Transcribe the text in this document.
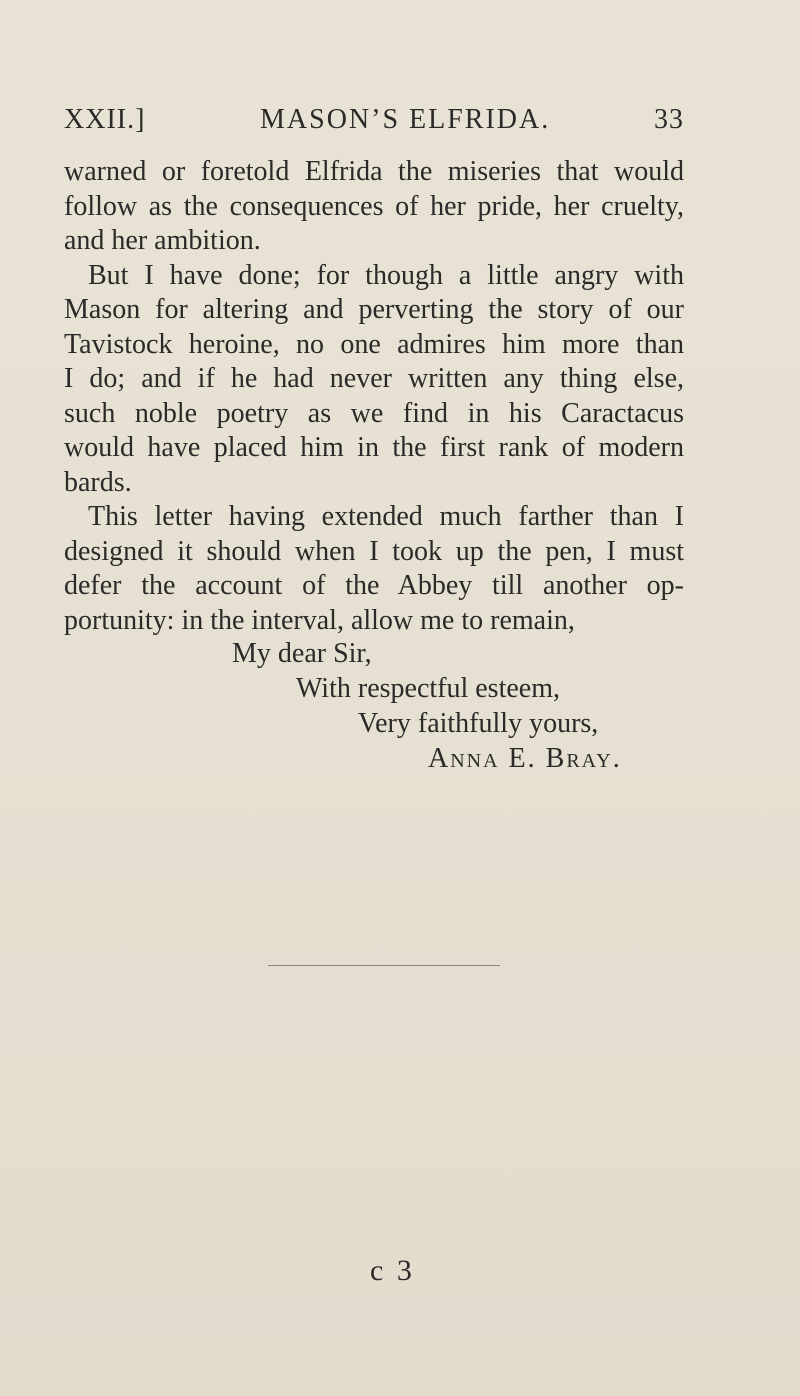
XXII.]	MASON’S ELFRIDA.	33

warned or foretold Elfrida the miseries that would
follow as the consequences of her pride, her cruelty,
and her ambition.

But I have done; for though a little angry with
Mason for altering and perverting the story of our
Tavistock heroine, no one admires him more than
I do; and if he had never written any thing else,
such noble poetry as we find in his Caractacus
would have placed him in the first rank of modern
bards.

This letter having extended much farther than I
designed it should when I took up the pen, I must
defer the account of the Abbey till another op-
portunity: in the interval, allow me to remain,

My dear Sir,
With respectful esteem,
Very faithfully yours,
Anna E. Bray.
c 3
